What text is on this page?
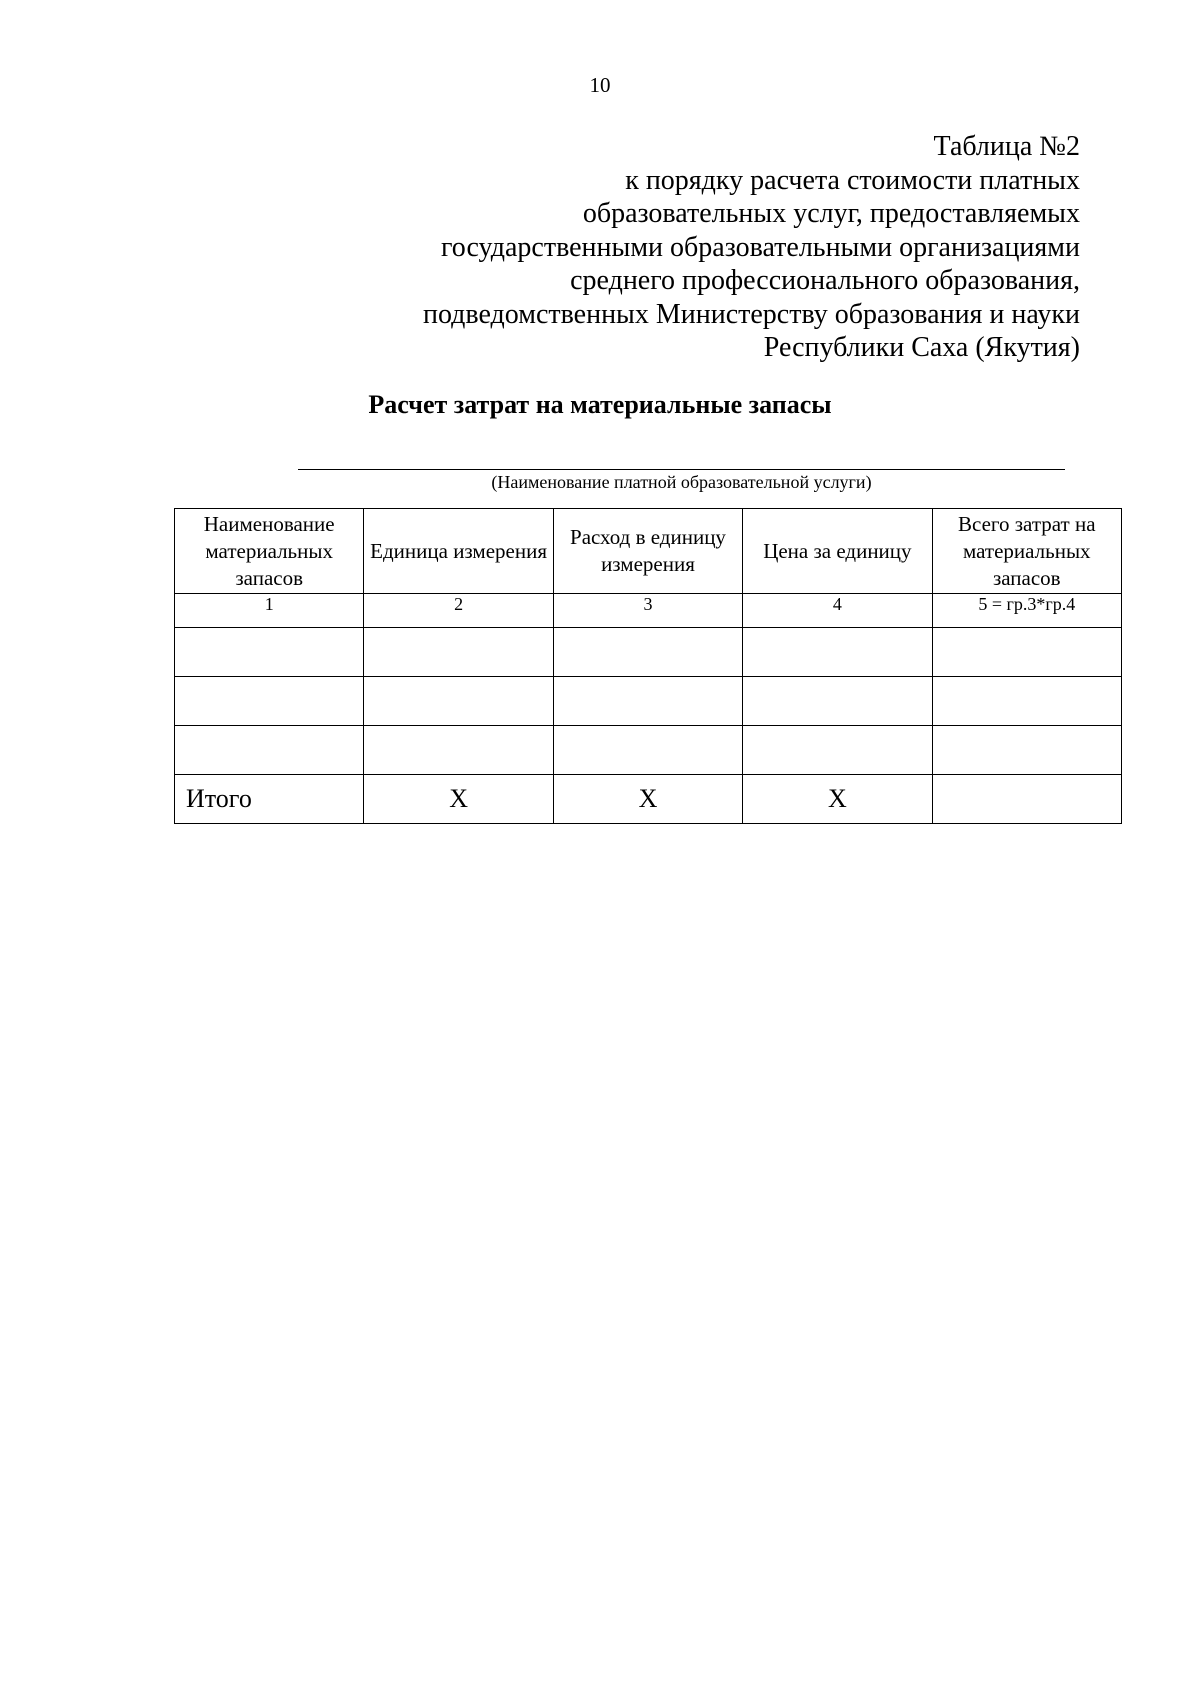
10
Таблица №2
к порядку расчета стоимости платных
образовательных услуг, предоставляемых
государственными образовательными организациями
среднего профессионального образования,
подведомственных Министерству образования и науки
Республики Саха (Якутия)
Расчет затрат на материальные запасы
(Наименование платной образовательной услуги)
Наименование материальных запасов	Единица измерения	Расход в единицу измерения	Цена за единицу	Всего затрат на материальных запасов
1	2	3	4	5 = гр.3*гр.4

Итого	Х	Х	Х	
